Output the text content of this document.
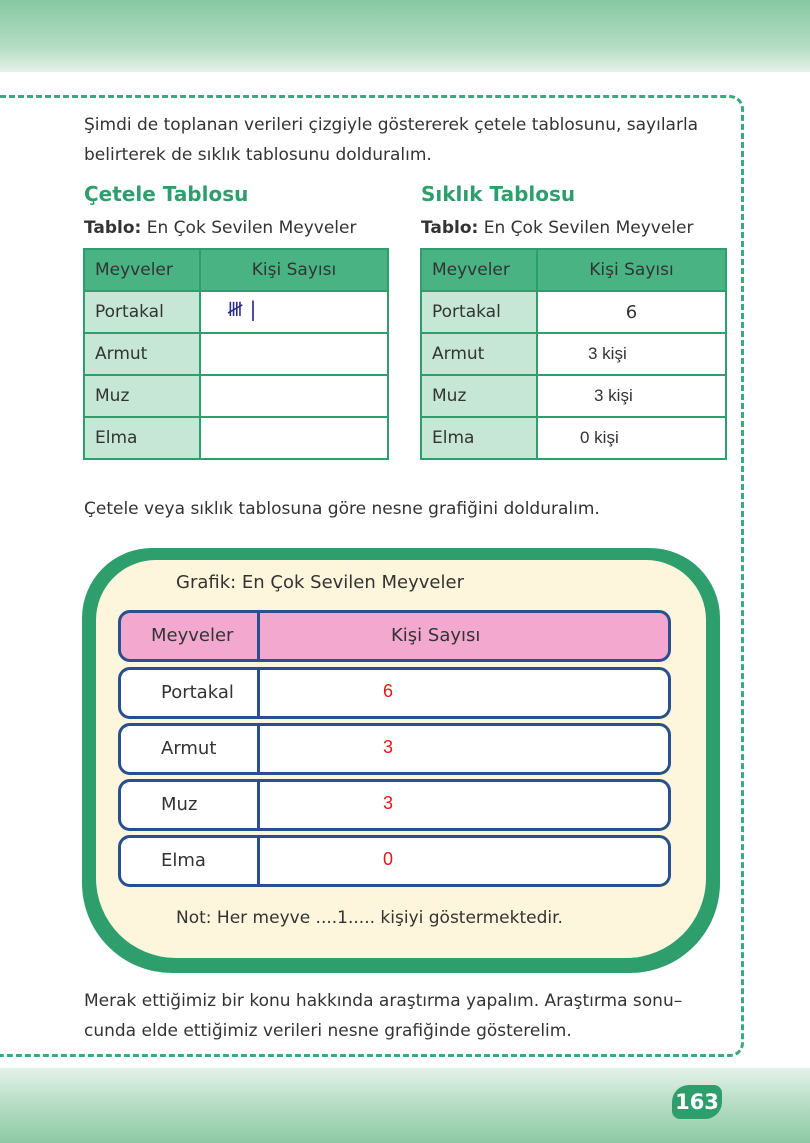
Şimdi de toplanan verileri çizgiyle göstererek çetele tablosunu, sayılarla
belirterek de sıklık tablosunu dolduralım.
Çetele Tablosu
Tablo: En Çok Sevilen Meyveler
Meyveler	Kişi Sayısı
Portakal	𝍸 |
Armut	
Muz	
Elma	
Sıklık Tablosu
Tablo: En Çok Sevilen Meyveler
Meyveler	Kişi Sayısı
Portakal	6
Armut	3 kişi
Muz	3 kişi
Elma	0 kişi
Çetele veya sıklık tablosuna göre nesne grafiğini dolduralım.
Grafik: En Çok Sevilen Meyveler
Meyveler	Kişi Sayısı
Portakal	6
Armut	3
Muz	3
Elma	0
Not: Her meyve ....1..... kişiyi göstermektedir.
Merak ettiğimiz bir konu hakkında araştırma yapalım. Araştırma sonu–
cunda elde ettiğimiz verileri nesne grafiğinde gösterelim.
163
